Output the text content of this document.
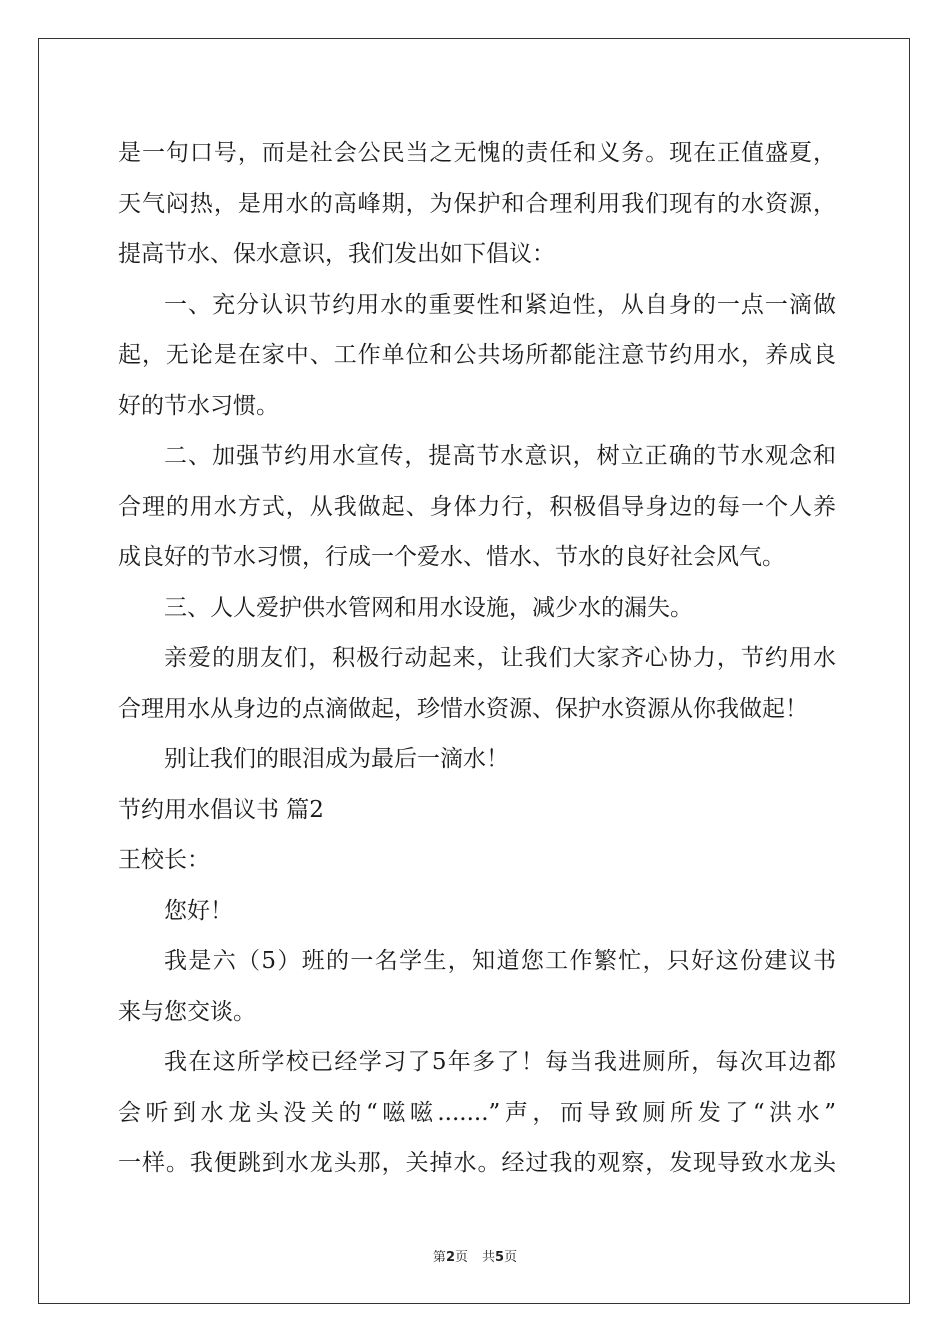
是一句口号，而是社会公民当之无愧的责任和义务。现在正值盛夏，
天气闷热，是用水的高峰期，为保护和合理利用我们现有的水资源，
提高节水、保水意识，我们发出如下倡议：
一、充分认识节约用水的重要性和紧迫性，从自身的一点一滴做
起，无论是在家中、工作单位和公共场所都能注意节约用水，养成良
好的节水习惯。
二、加强节约用水宣传，提高节水意识，树立正确的节水观念和
合理的用水方式，从我做起、身体力行，积极倡导身边的每一个人养
成良好的节水习惯，行成一个爱水、惜水、节水的良好社会风气。
三、人人爱护供水管网和用水设施，减少水的漏失。
亲爱的朋友们，积极行动起来，让我们大家齐心协力，节约用水
合理用水从身边的点滴做起，珍惜水资源、保护水资源从你我做起！
别让我们的眼泪成为最后一滴水！
节约用水倡议书 篇2
王校长：
您好！
我是六（5）班的一名学生，知道您工作繁忙，只好这份建议书
来与您交谈。
我在这所学校已经学习了5年多了！每当我进厕所，每次耳边都
会听到水龙头没关的“嗞嗞.......”声，而导致厕所发了“洪水”
一样。我便跳到水龙头那，关掉水。经过我的观察，发现导致水龙头
第2页 共5页
